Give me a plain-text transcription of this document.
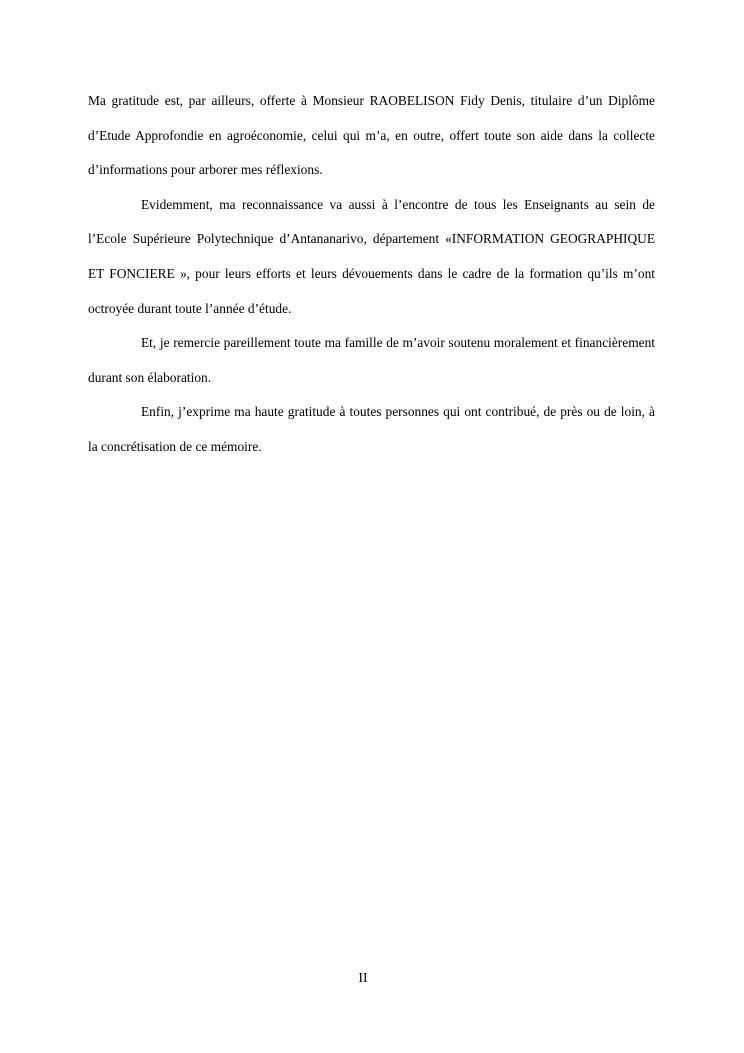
Ma gratitude est, par ailleurs, offerte à Monsieur RAOBELISON Fidy Denis, titulaire d’un Diplôme d’Etude Approfondie en agroéconomie, celui qui m’a, en outre, offert toute son aide dans la collecte d’informations pour arborer mes réflexions.

Evidemment, ma reconnaissance va aussi à l’encontre de tous les Enseignants au sein de l’Ecole Supérieure Polytechnique d’Antananarivo, département «INFORMATION GEOGRAPHIQUE ET FONCIERE », pour leurs efforts et leurs dévouements dans le cadre de la formation qu’ils m’ont octroyée durant toute l’année d’étude.

Et, je remercie pareillement toute ma famille de m’avoir soutenu moralement et financièrement durant son élaboration.

Enfin, j’exprime ma haute gratitude à toutes personnes qui ont contribué, de près ou de loin, à la concrétisation de ce mémoire.

II
